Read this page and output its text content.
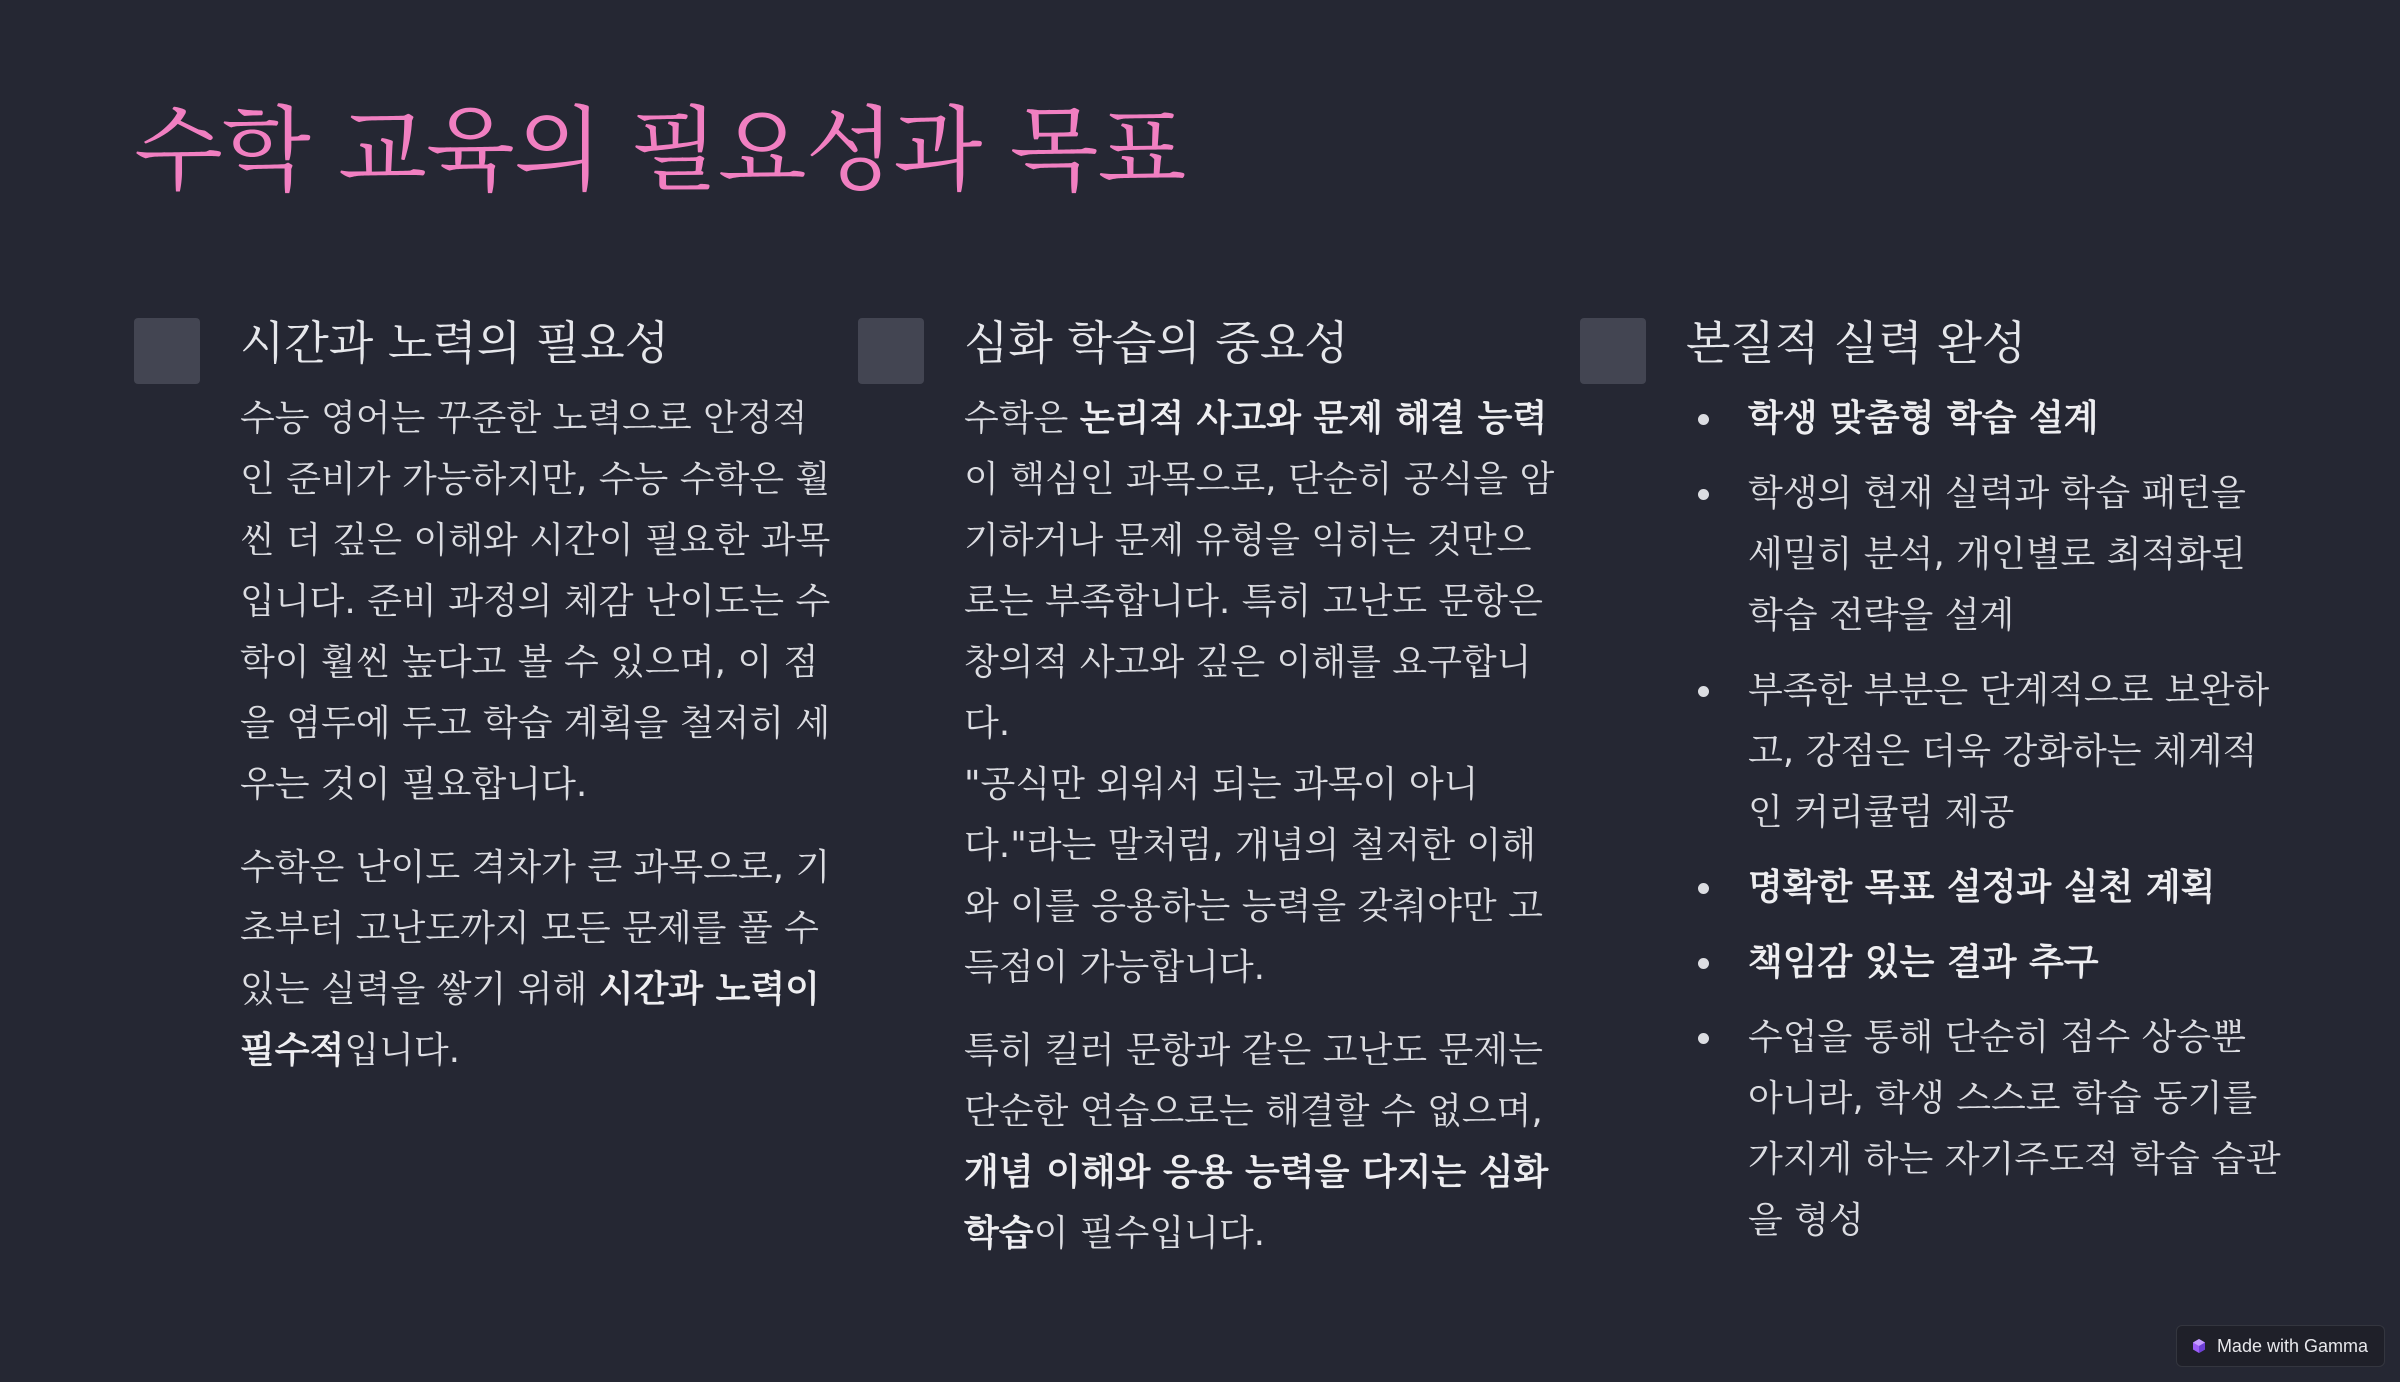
수학 교육의 필요성과 목표
시간과 노력의 필요성

수능 영어는 꾸준한 노력으로 안정적인 준비가 가능하지만, 수능 수학은 훨씬 더 깊은 이해와 시간이 필요한 과목입니다. 준비 과정의 체감 난이도는 수학이 훨씬 높다고 볼 수 있으며, 이 점을 염두에 두고 학습 계획을 철저히 세우는 것이 필요합니다.

수학은 난이도 격차가 큰 과목으로, 기초부터 고난도까지 모든 문제를 풀 수 있는 실력을 쌓기 위해 시간과 노력이 필수적입니다.

심화 학습의 중요성

수학은 논리적 사고와 문제 해결 능력이 핵심인 과목으로, 단순히 공식을 암기하거나 문제 유형을 익히는 것만으로는 부족합니다. 특히 고난도 문항은 창의적 사고와 깊은 이해를 요구합니다.
"공식만 외워서 되는 과목이 아니다."라는 말처럼, 개념의 철저한 이해와 이를 응용하는 능력을 갖춰야만 고득점이 가능합니다.

특히 킬러 문항과 같은 고난도 문제는 단순한 연습으로는 해결할 수 없으며, 개념 이해와 응용 능력을 다지는 심화 학습이 필수입니다.

본질적 실력 완성
학생 맞춤형 학습 설계
학생의 현재 실력과 학습 패턴을 세밀히 분석, 개인별로 최적화된 학습 전략을 설계
부족한 부분은 단계적으로 보완하고, 강점은 더욱 강화하는 체계적인 커리큘럼 제공
명확한 목표 설정과 실천 계획
책임감 있는 결과 추구
수업을 통해 단순히 점수 상승뿐 아니라, 학생 스스로 학습 동기를 가지게 하는 자기주도적 학습 습관을 형성
Made with Gamma
